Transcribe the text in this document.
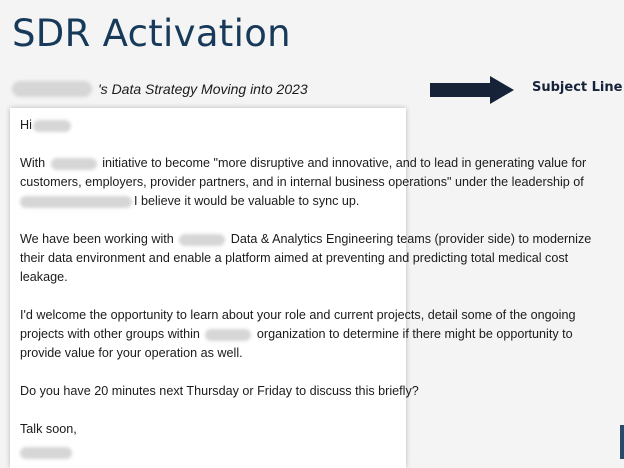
SDR Activation
's Data Strategy Moving into 2023	Subject Line

Hi

With	initiative to become "more disruptive and innovative, and to lead in generating value for customers, employers, provider partners, and in internal business operations" under the leadership of
I believe it would be valuable to sync up.

We have been working with	Data & Analytics Engineering teams (provider side) to modernize their data environment and enable a platform aimed at preventing and predicting total medical cost leakage.

I'd welcome the opportunity to learn about your role and current projects, detail some of the ongoing projects with other groups within	organization to determine if there might be opportunity to provide value for your operation as well.

Do you have 20 minutes next Thursday or Friday to discuss this briefly?

Talk soon,
